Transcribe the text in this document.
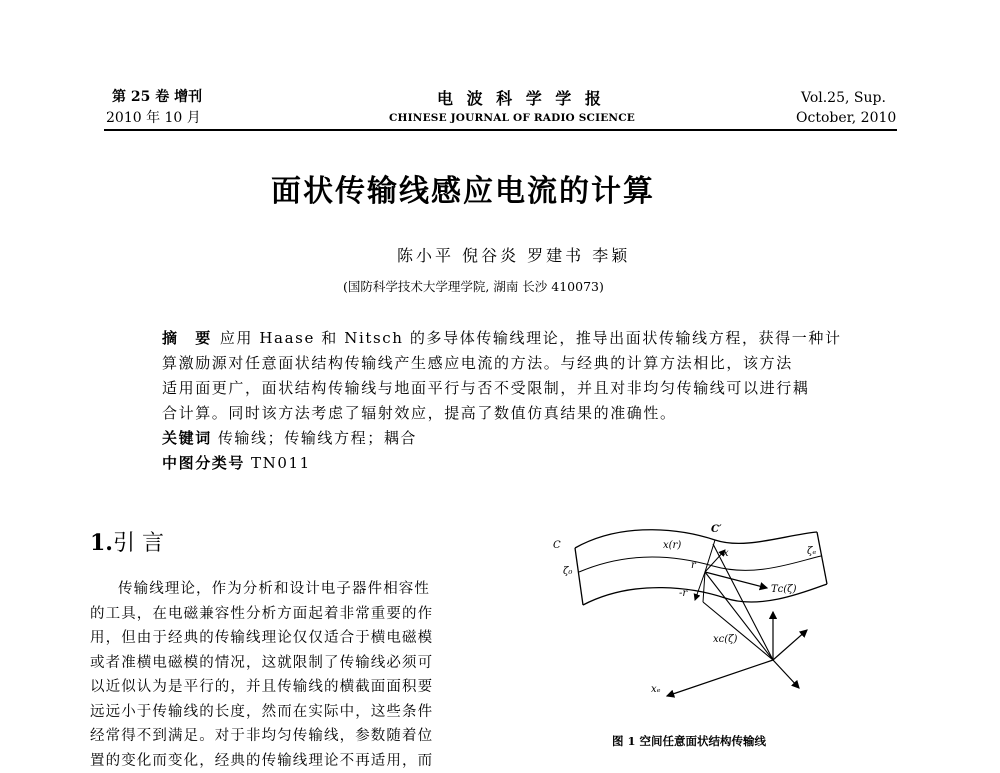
第 25 卷 增刊
2010 年 10 月
电 波 科 学 学 报
CHINESE JOURNAL OF RADIO SCIENCE
Vol.25, Sup.
October, 2010
面状传输线感应电流的计算
陈小平 倪谷炎 罗建书 李颖
(国防科学技术大学理学院, 湖南 长沙 410073)
摘　要 应用 Haase 和 Nitsch 的多导体传输线理论，推导出面状传输线方程，获得一种计
算激励源对任意面状结构传输线产生感应电流的方法。与经典的计算方法相比，该方法
适用面更广，面状结构传输线与地面平行与否不受限制，并且对非均匀传输线可以进行耦
合计算。同时该方法考虑了辐射效应，提高了数值仿真结果的准确性。
关键词 传输线；传输线方程；耦合
中图分类号 TN011
1.引 言
传输线理论，作为分析和设计电子器件相容性
的工具，在电磁兼容性分析方面起着非常重要的作
用，但由于经典的传输线理论仅仅适合于横电磁模
或者准横电磁模的情况，这就限制了传输线必须可
以近似认为是平行的，并且传输线的横截面面积要
远远小于传输线的长度，然而在实际中，这些条件
经常得不到满足。对于非均匀传输线，参数随着位
置的变化而变化，经典的传输线理论不再适用，而
C
C′
ζ₀
ζₑ
x(r)
r
x
Tᴄ(ζ)
xᴄ(ζ)
xₑ
-r
图 1 空间任意面状结构传输线
